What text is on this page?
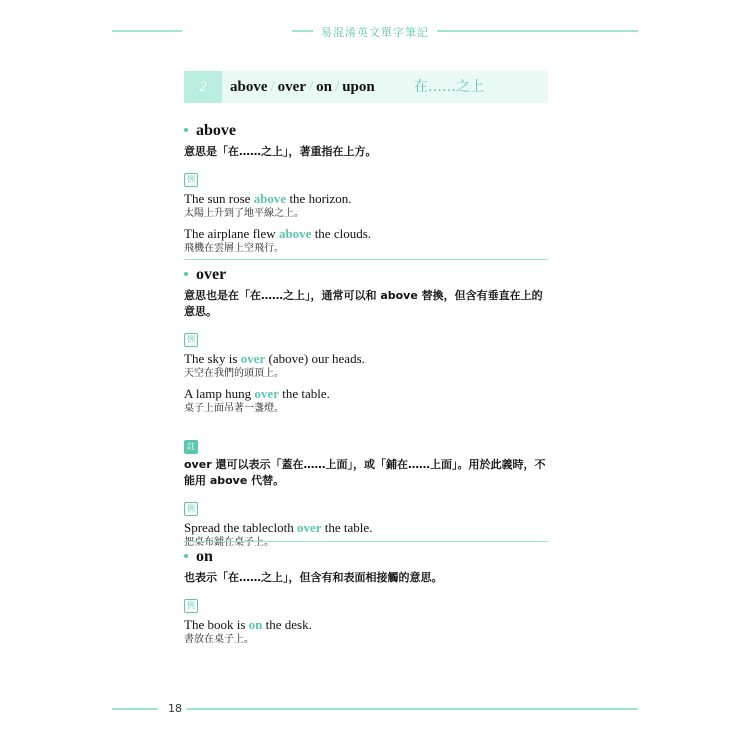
易混淆英文單字筆記
2	above / over / on / upon	在……之上
above
意思是「在……之上」，著重指在上方。
例
The sun rose above the horizon.
太陽上升到了地平線之上。
The airplane flew above the clouds.
飛機在雲層上空飛行。
over
意思也是在「在……之上」，通常可以和 above 替換，但含有垂直在上的意思。
例
The sky is over (above) our heads.
天空在我們的頭頂上。
A lamp hung over the table.
桌子上面吊著一盞燈。
註
over 還可以表示「蓋在……上面」，或「鋪在……上面」。用於此義時，不能用 above 代替。
例
Spread the tablecloth over the table.
把桌布鋪在桌子上。
on
也表示「在……之上」，但含有和表面相接觸的意思。
例
The book is on the desk.
書放在桌子上。
18
